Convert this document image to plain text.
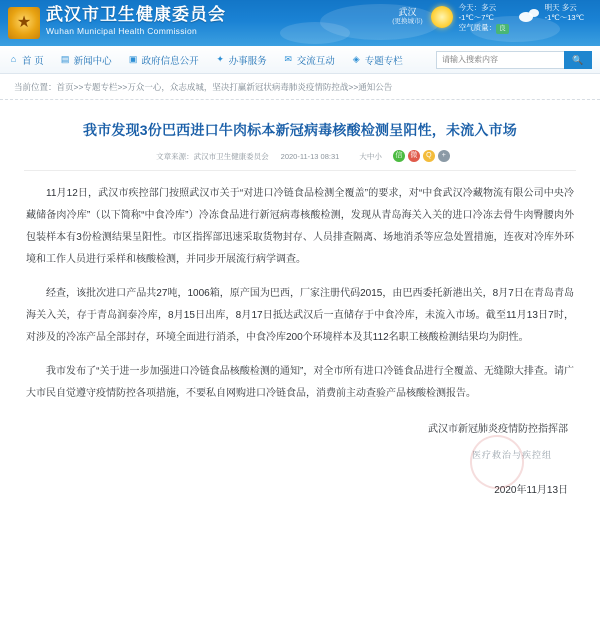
★ 武汉市卫生健康委员会
Wuhan Municipal Health Commission
武汉
(更换城市)
今天：多云
-1℃～7℃
空气质量： 良
明天 多云
-1℃～13℃
⌂ 首 页 ▤ 新闻中心 ▣ 政府信息公开 ✦ 办事服务 ✉ 交流互动 ◈ 专题专栏
请输入搜索内容	🔍
当前位置：首页>>专题专栏>>万众一心，众志成城，坚决打赢新冠状病毒肺炎疫情防控战>>通知公告
我市发现3份巴西进口牛肉标本新冠病毒核酸检测呈阳性，未流入市场
文章来源：武汉市卫生健康委员会 2020-11-13 08:31	大中小	信	微	Q	+

11月12日，武汉市疾控部门按照武汉市关于“对进口冷链食品检测全覆盖”的要求，对“中食武汉冷藏物流有限公司中央冷藏储备肉冷库”（以下简称“中食冷库”）冷冻食品进行新冠病毒核酸检测，发现从青岛海关入关的进口冷冻去骨牛肉臀腰肉外包装样本有3份检测结果呈阳性。市区指挥部迅速采取货物封存、人员排查隔离、场地消杀等应急处置措施，连夜对冷库外环境和工作人员进行采样和核酸检测，并同步开展流行病学调查。

经查，该批次进口产品共27吨，1006箱，原产国为巴西，厂家注册代码2015，由巴西委托新港出关，8月7日在青岛青岛海关入关，存于青岛润泰冷库，8月15日出库，8月17日抵达武汉后一直储存于中食冷库，未流入市场。截至11月13日7时，对涉及的冷冻产品全部封存，环境全面进行消杀，中食冷库200个环境样本及其112名职工核酸检测结果均为阴性。

我市发布了“关于进一步加强进口冷链食品核酸检测的通知”，对全市所有进口冷链食品进行全覆盖、无缝隙大排查。请广大市民自觉遵守疫情防控各项措施，不要私自网购进口冷链食品，消费前主动查验产品核酸检测报告。

武汉市新冠肺炎疫情防控指挥部
医疗救治与疾控组
2020年11月13日
